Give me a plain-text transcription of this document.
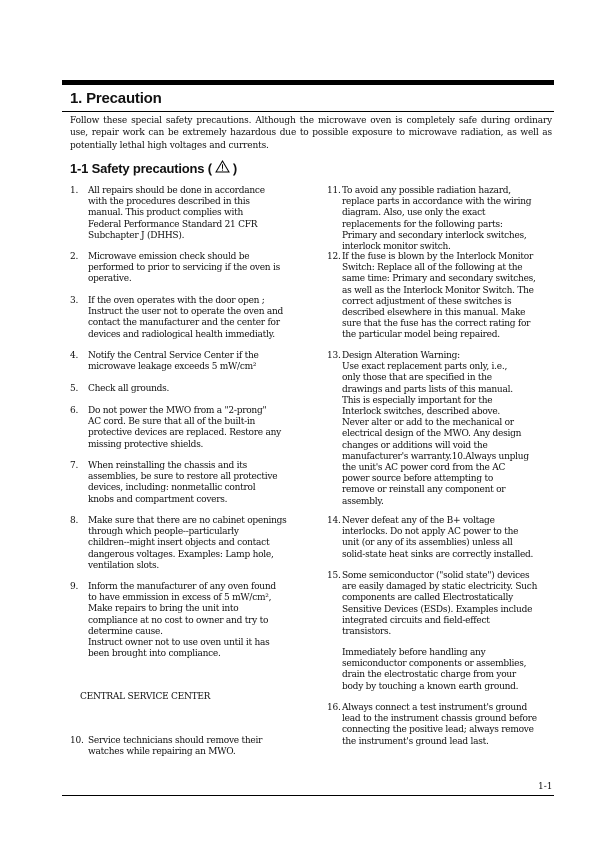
1. Precaution
Follow these special safety precautions. Although the microwave oven is completely safe during ordinary use, repair work can be extremely hazardous due to possible exposure to microwave radiation, as well as potentially lethal high voltages and currents.
1-1 Safety precautions ( )
1.	All repairs should be done in accordance
with the procedures described in this
manual. This product complies with
Federal Performance Standard 21 CFR
Subchapter J (DHHS).
2.	Microwave emission check should be
performed to prior to servicing if the oven is
operative.
3.	If the oven operates with the door open ;
Instruct the user not to operate the oven and
contact the manufacturer and the center for
devices and radiological health immediatly.
4.	Notify the Central Service Center if the
microwave leakage exceeds 5 mW/cm²
5.	Check all grounds.
6.	Do not power the MWO from a "2-prong"
AC cord. Be sure that all of the built-in
protective devices are replaced. Restore any
missing protective shields.
7.	When reinstalling the chassis and its
assemblies, be sure to restore all protective
devices, including: nonmetallic control
knobs and compartment covers.
8.	Make sure that there are no cabinet openings
through which people--particularly
children--might insert objects and contact
dangerous voltages. Examples: Lamp hole,
ventilation slots.
9.	Inform the manufacturer of any oven found
to have emmission in excess of 5 mW/cm²,
Make repairs to bring the unit into
compliance at no cost to owner and try to
determine cause.
Instruct owner not to use oven until it has
been brought into compliance.
CENTRAL SERVICE CENTER
10. Service technicians should remove their
watches while repairing an MWO.
11. To avoid any possible radiation hazard,
replace parts in accordance with the wiring
diagram. Also, use only the exact
replacements for the following parts:
Primary and secondary interlock switches,
interlock monitor switch.
12. If the fuse is blown by the Interlock Monitor
Switch: Replace all of the following at the
same time: Primary and secondary switches,
as well as the Interlock Monitor Switch. The
correct adjustment of these switches is
described elsewhere in this manual. Make
sure that the fuse has the correct rating for
the particular model being repaired.
13. Design Alteration Warning:
Use exact replacement parts only, i.e.,
only those that are specified in the
drawings and parts lists of this manual.
This is especially important for the
Interlock switches, described above.
Never alter or add to the mechanical or
electrical design of the MWO. Any design
changes or additions will void the
manufacturer's warranty.10.Always unplug
the unit's AC power cord from the AC
power source before attempting to
remove or reinstall any component or
assembly.
14. Never defeat any of the B+ voltage
interlocks. Do not apply AC power to the
unit (or any of its assemblies) unless all
solid-state heat sinks are correctly installed.
15. Some semiconductor ("solid state") devices
are easily damaged by static electricity. Such
components are called Electrostatically
Sensitive Devices (ESDs). Examples include
integrated circuits and field-effect
transistors.
Immediately before handling any
semiconductor components or assemblies,
drain the electrostatic charge from your
body by touching a known earth ground.
16. Always connect a test instrument's ground
lead to the instrument chassis ground before
connecting the positive lead; always remove
the instrument's ground lead last.
1-1
